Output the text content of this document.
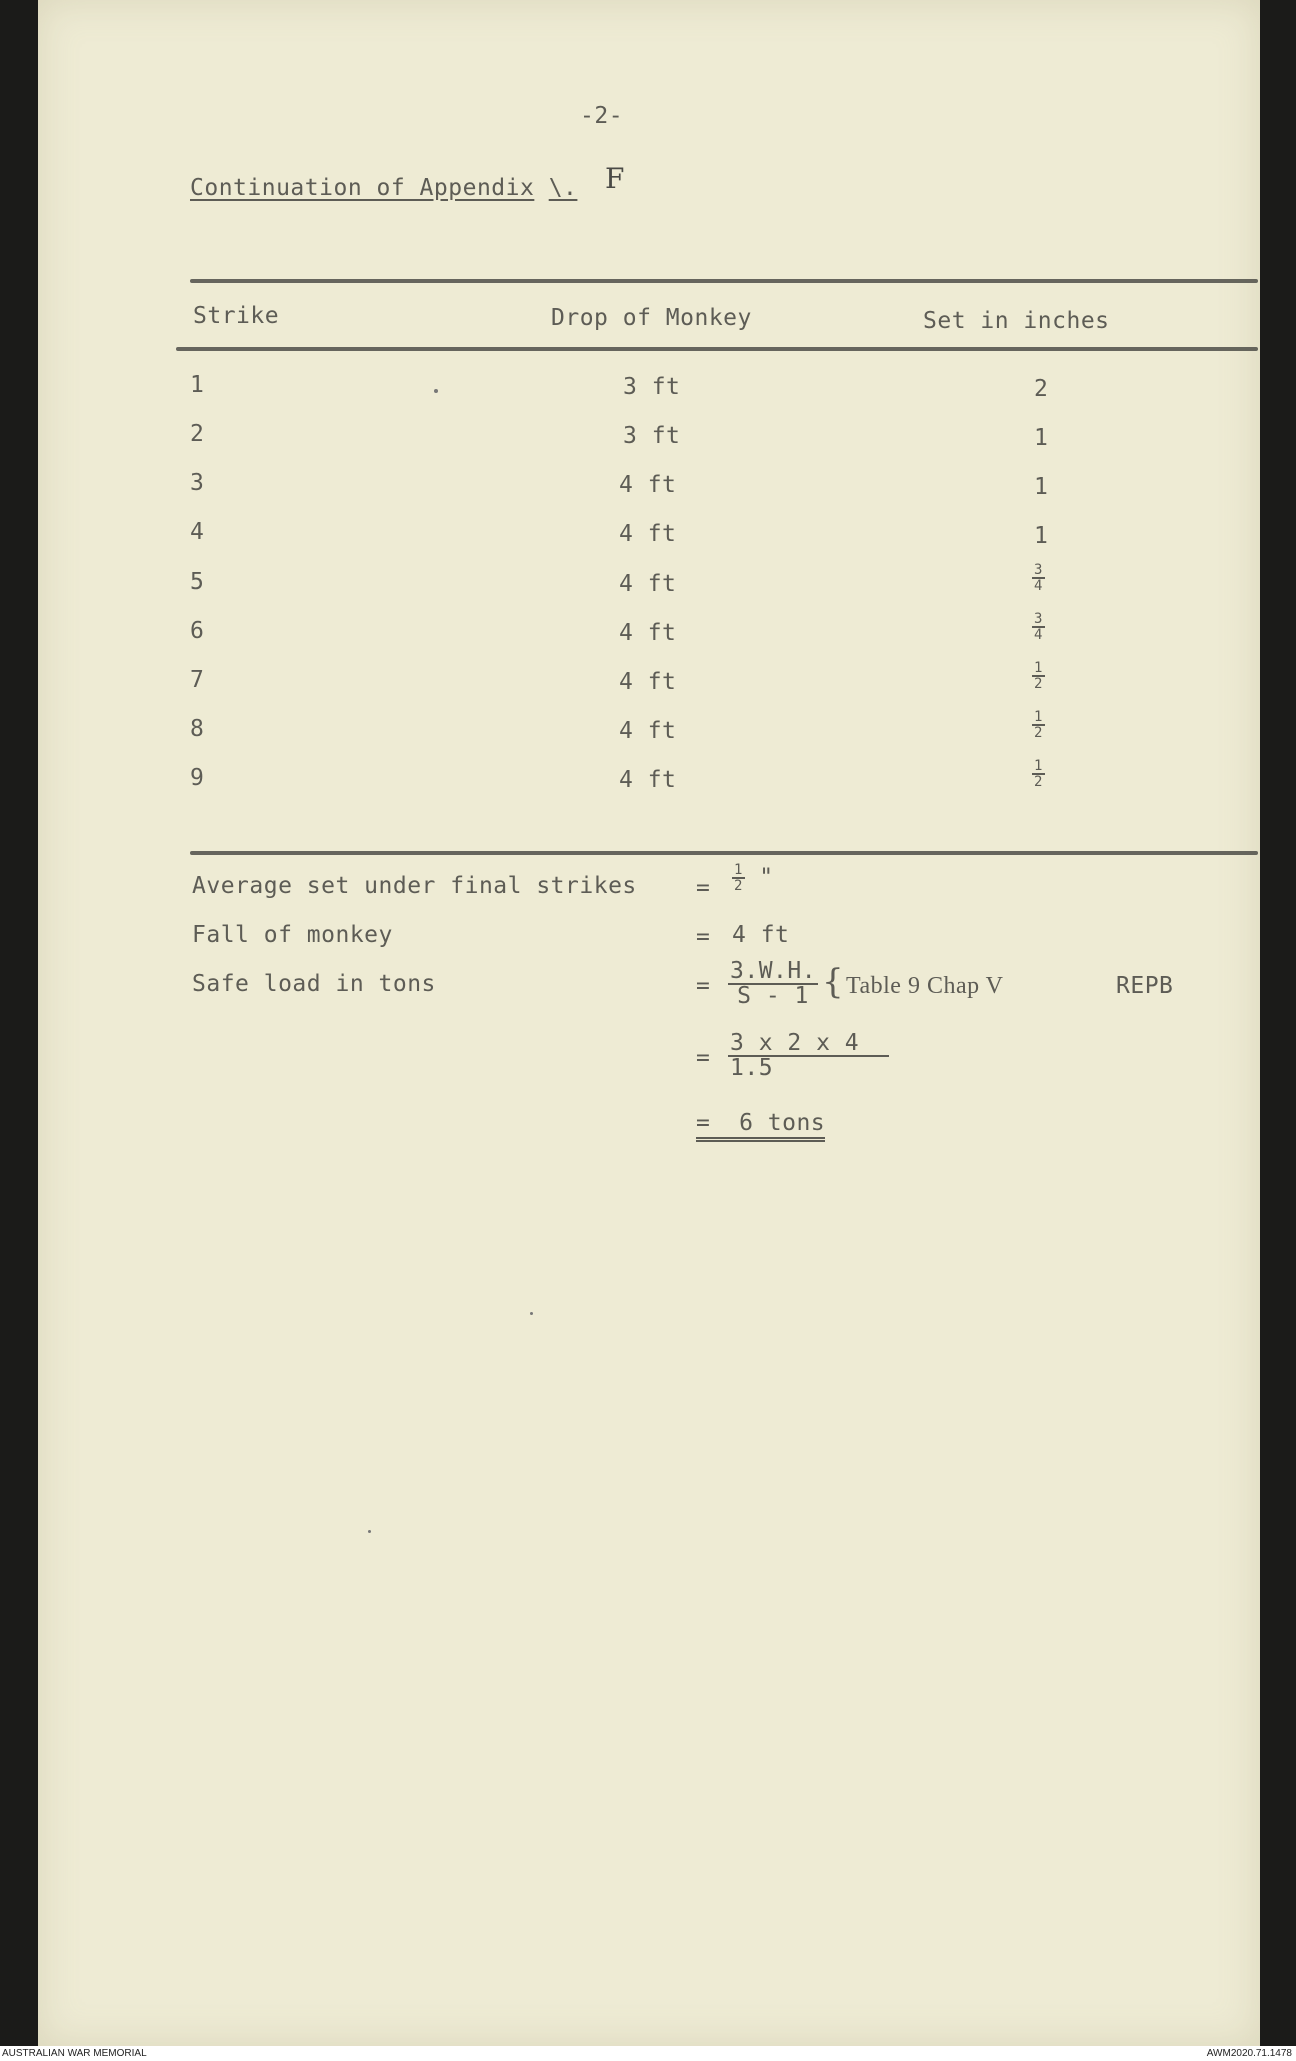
-2-
Continuation of Appendix \. F
Strike	Drop of Monkey	Set in inches
1	3 ft	2
2	3 ft	1
3	4 ft	1
4	4 ft	1
5	4 ft	$\frac{3}{4}$
6	4 ft	$\frac{3}{4}$
7	4 ft	$\frac{1}{2}$
8	4 ft	$\frac{1}{2}$
9	4 ft	$\frac{1}{2}$
Average set under final strikes	= $\frac{1}{2}$ "
Fall of monkey	= 4 ft
Safe load in tons	= $\frac{3.W.H.}{S - 1}$ { Table 9 Chap V	REPB
= $\frac{3 x 2 x 4}{1.5}$
= 6 tons
AUSTRALIAN WAR MEMORIAL	AWM2020.71.1478
